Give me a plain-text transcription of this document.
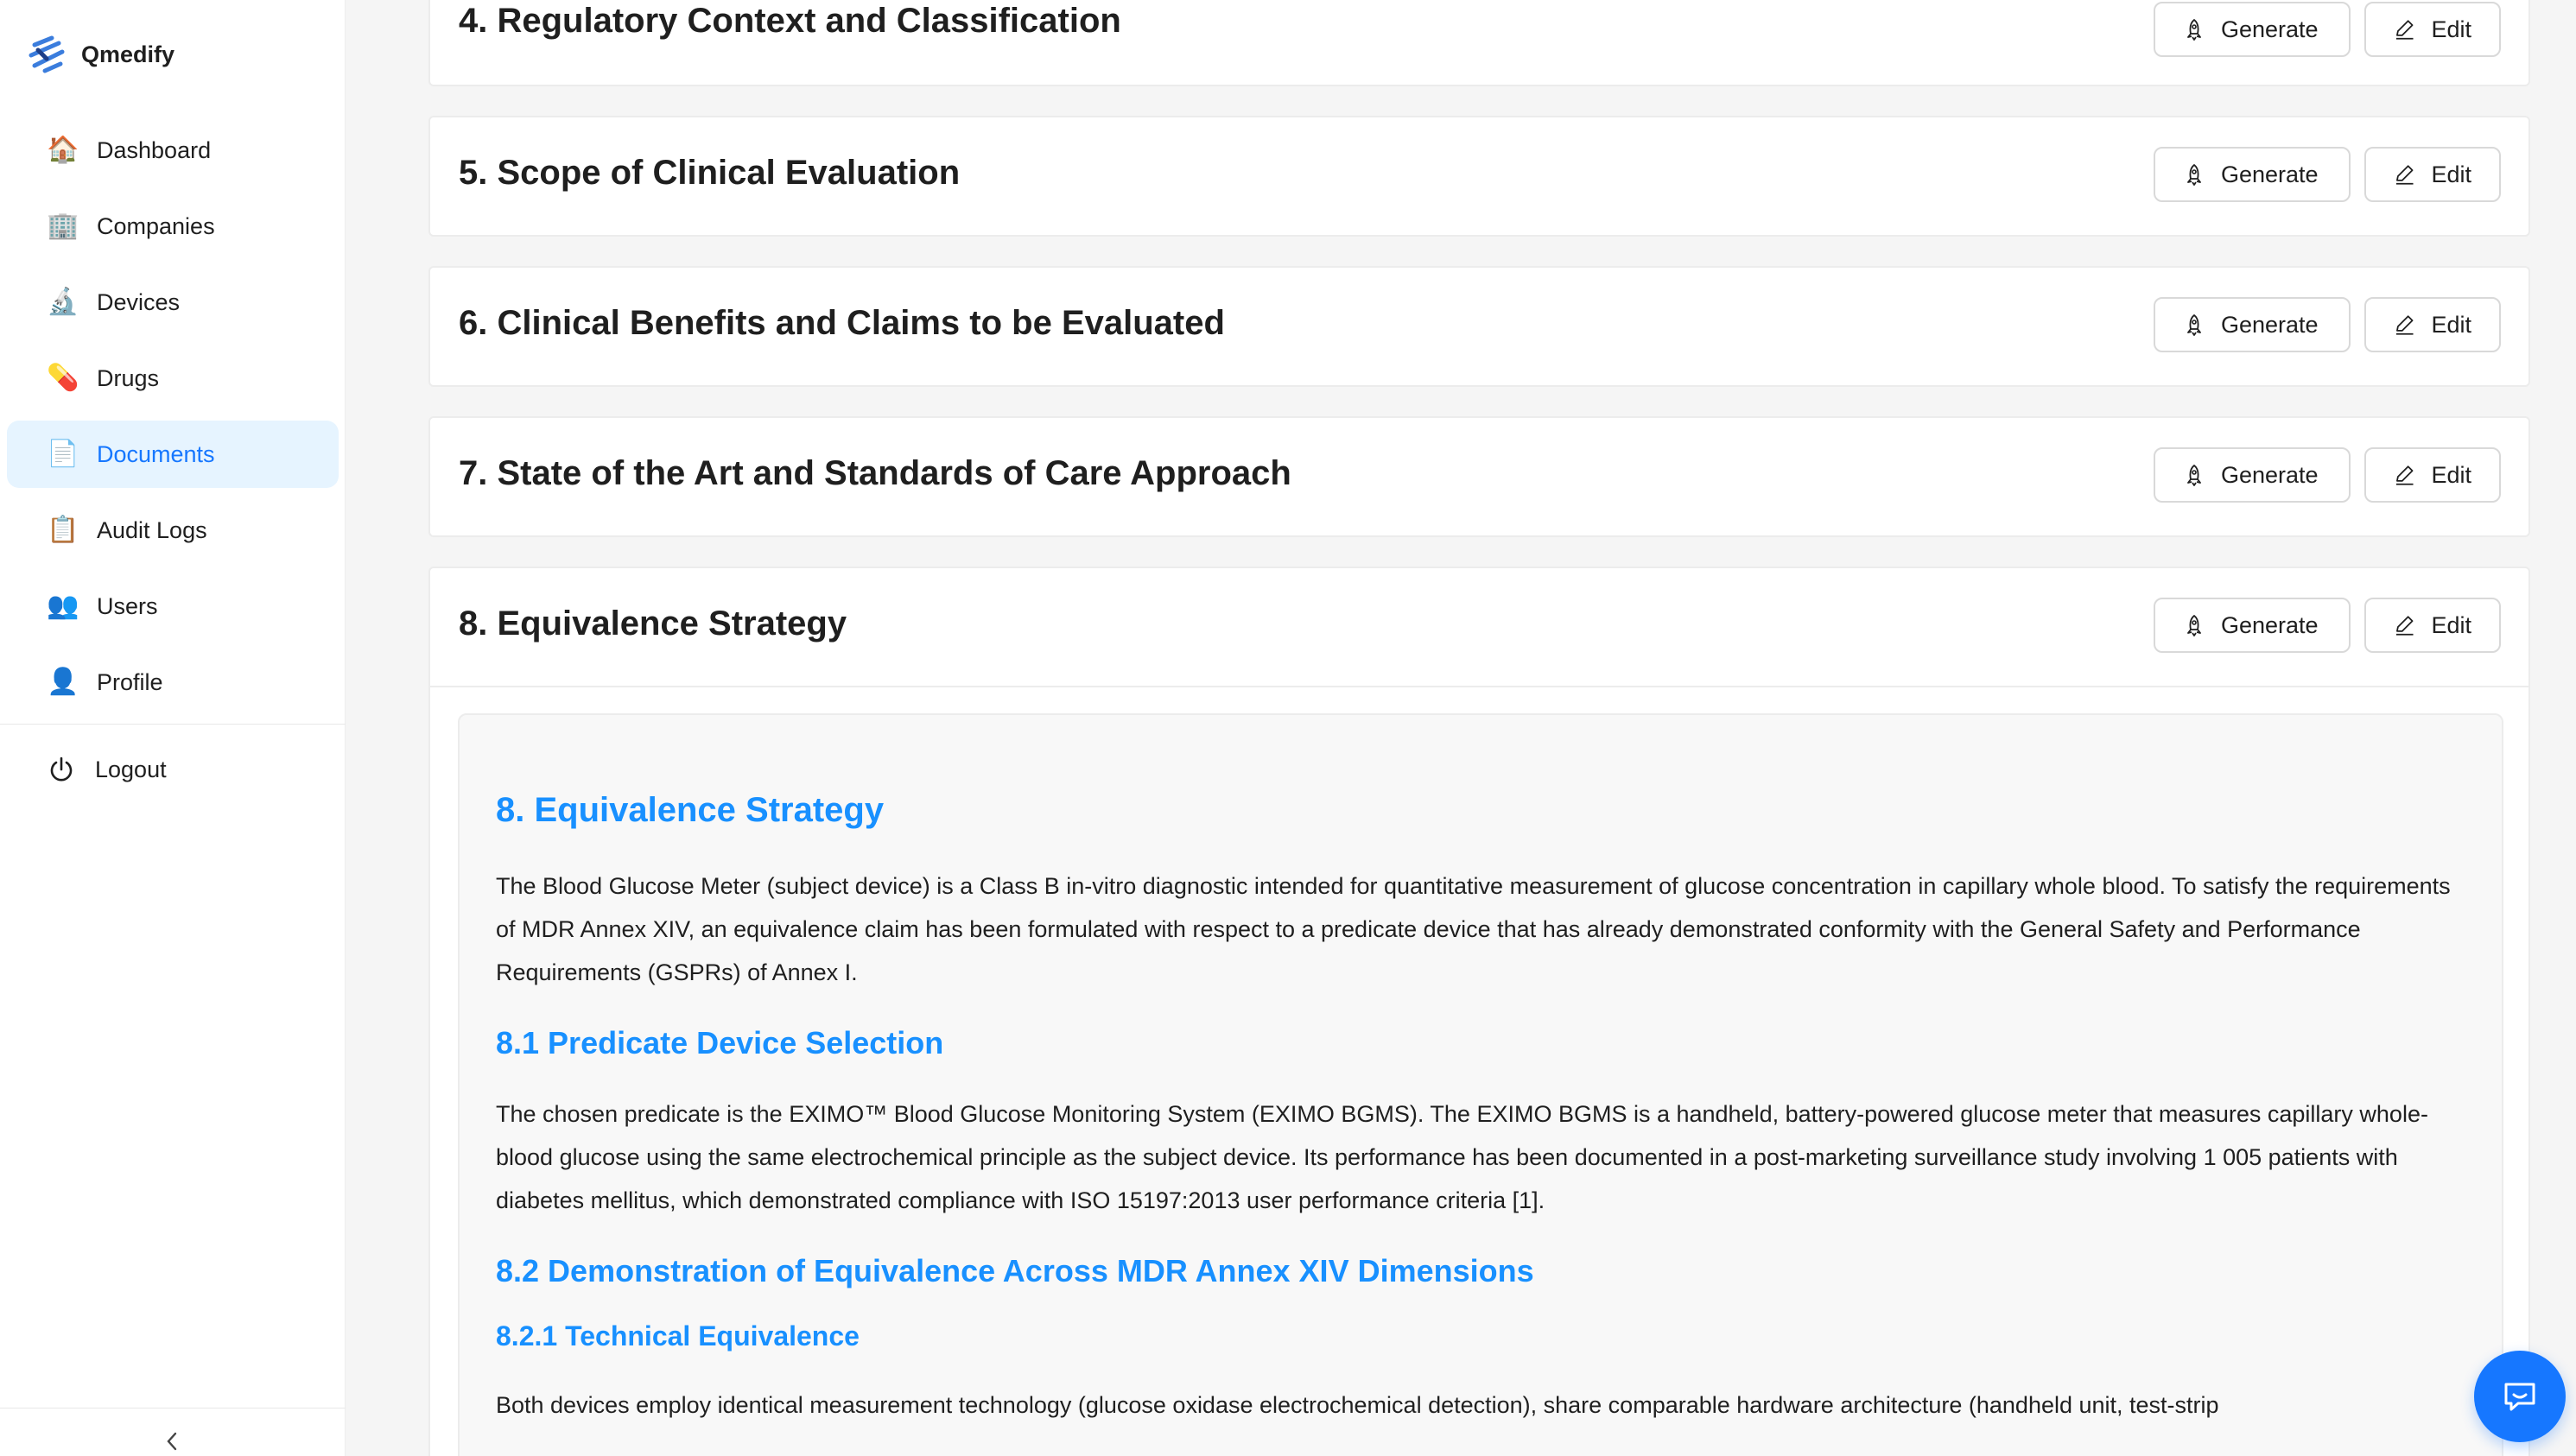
Qmedify
🏠 Dashboard
🏢 Companies
🔬 Devices
💊 Drugs
📄 Documents
📋 Audit Logs
👥 Users
👤 Profile
Logout
4. Regulatory Context and Classification	Generate	Edit
5. Scope of Clinical Evaluation	Generate	Edit
6. Clinical Benefits and Claims to be Evaluated	Generate	Edit
7. State of the Art and Standards of Care Approach	Generate	Edit
8. Equivalence Strategy	Generate	Edit
8. Equivalence Strategy

The Blood Glucose Meter (subject device) is a Class B in-vitro diagnostic intended for quantitative measurement of glucose concentration in capillary whole blood. To satisfy the requirements of MDR Annex XIV, an equivalence claim has been formulated with respect to a predicate device that has already demonstrated conformity with the General Safety and Performance Requirements (GSPRs) of Annex I.

8.1 Predicate Device Selection

The chosen predicate is the EXIMO™ Blood Glucose Monitoring System (EXIMO BGMS). The EXIMO BGMS is a handheld, battery-powered glucose meter that measures capillary whole-blood glucose using the same electrochemical principle as the subject device. Its performance has been documented in a post-marketing surveillance study involving 1 005 patients with diabetes mellitus, which demonstrated compliance with ISO 15197:2013 user performance criteria [1].

8.2 Demonstration of Equivalence Across MDR Annex XIV Dimensions
8.2.1 Technical Equivalence

Both devices employ identical measurement technology (glucose oxidase electrochemical detection), share comparable hardware architecture (handheld unit, test-strip
